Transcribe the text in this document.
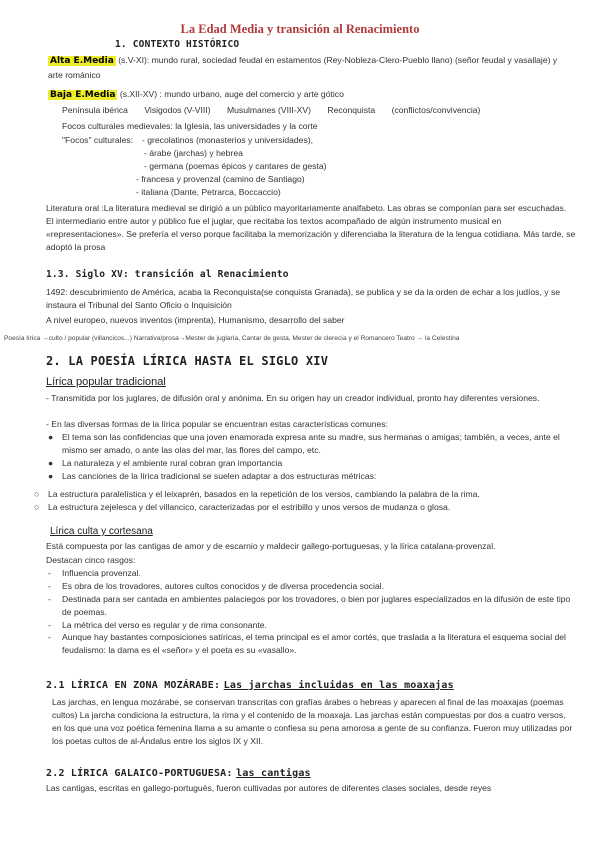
La Edad Media y transición al Renacimiento
1. CONTEXTO HISTÓRICO
Alta E.Media (s.V-XI): mundo rural, sociedad feudal en estamentos (Rey-Nobleza-Clero-Pueblo llano) (señor feudal y vasallaje) y arte románico
Baja E.Media (s.XII-XV) : mundo urbano, auge del comercio y arte gótico
Península ibérica Visigodos (V-VIII) Musulmanes (VIII-XV) Reconquista (conflictos/convivencia)
Focos culturales medievales: la Iglesia, las universidades y la corte
"Focos" culturales: - grecolatinos (monasterios y universidades),
- árabe (jarchas) y hebrea
- germana (poemas épicos y cantares de gesta)
- francesa y provenzal (camino de Santiago)
- italiana (Dante, Petrarca, Boccaccio)
Literatura oral :La literatura medieval se dirigió a un público mayoritariamente analfabeto. Las obras se componían para ser escuchadas. El intermediario entre autor y público fue el juglar, que recitaba los textos acompañado de algún instrumento musical en «representaciones». Se prefería el verso porque facilitaba la memorización y diferenciaba la literatura de la lengua cotidiana. Más tarde, se adoptó la prosa
1.3. Siglo XV: transición al Renacimiento
1492: descubrimiento de América, acaba la Reconquista(se conquista Granada), se publica y se da la orden de echar a los judíos, y se instaura el Tribunal del Santo Oficio o Inquisición
A nivel europeo, nuevos inventos (imprenta), Humanismo, desarrollo del saber
Poesía lírica →culto / popular (villancicos...) Narrativa/prosa→Mester de juglaría, Cantar de gesta, Mester de clerecía y el Romancero Teatro → la Celestina
2. LA POESÍA LÍRICA HASTA EL SIGLO XIV
Lírica popular tradicional
- Transmitida por los juglares, de difusión oral y anónima. En su origen hay un creador individual, pronto hay diferentes versiones.
- En las diversas formas de la lírica popular se encuentran estas características comunes:
● El tema son las confidencias que una joven enamorada expresa ante su madre, sus hermanas o amigas; también, a veces, ante el mismo ser amado, o ante las olas del mar, las flores del campo, etc.
● La naturaleza y el ambiente rural cobran gran importancia
● Las canciones de la lírica tradicional se suelen adaptar a dos estructuras métricas:
○ La estructura paralelística y el leixaprén, basados en la repetición de los versos, cambiando la palabra de la rima.
○ La estructura zejelesca y del villancico, caracterizadas por el estribillo y unos versos de mudanza o glosa.
Lírica culta y cortesana
Está compuesta por las cantigas de amor y de escarnio y maldecir gallego-portuguesas, y la lírica catalana-provenzal.
Destacan cinco rasgos:
- Influencia provenzal.
- Es obra de los trovadores, autores cultos conocidos y de diversa procedencia social.
- Destinada para ser cantada en ambientes palaciegos por los trovadores, o bien por juglares especializados en la difusión de este tipo de poemas.
- La métrica del verso es regular y de rima consonante.
- Aunque hay bastantes composiciones satíricas, el tema principal es el amor cortés, que traslada a la literatura el esquema social del feudalismo: la dama es el «señor» y el poeta es su «vasallo».
2.1 LÍRICA EN ZONA MOZÁRABE: Las jarchas incluidas en las moaxajas
Las jarchas, en lengua mozárabe, se conservan transcritas con grafías árabes o hebreas y aparecen al final de las moaxajas (poemas cultos) La jarcha condiciona la estructura, la rima y el contenido de la moaxaja. Las jarchas están compuestas por dos a cuatro versos, en los que una voz poética femenina llama a su amante o confiesa su pena amorosa a gente de su confianza. Fueron muy utilizadas por los poetas cultos de al-Ándalus entre los siglos IX y XII.
2.2 LÍRICA GALAICO-PORTUGUESA: las cantigas
Las cantigas, escritas en gallego-portugués, fueron cultivadas por autores de diferentes clases sociales, desde reyes
